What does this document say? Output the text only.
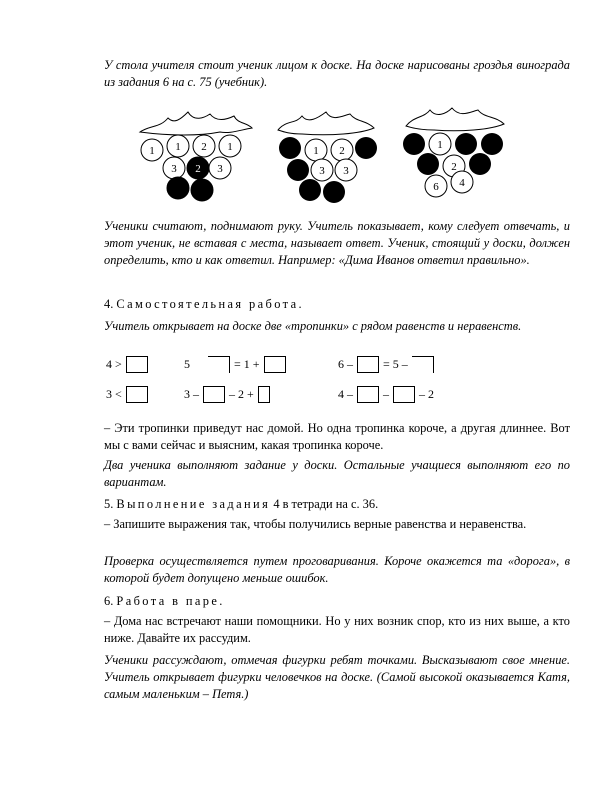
У стола учителя стоит ученик лицом к доске. На доске нарисованы гроздья винограда из задания 6 на с. 75 (учебник).

1 1 2 1
3	3
2
1 2
3 3
1
2
6 4

Ученики считают, поднимают руку. Учитель показывает, кому следует отвечать, и этот ученик, не вставая с места, называет ответ. Ученик, стоящий у доски, должен определить, кто и как ответил. Например: «Дима Иванов ответил правильно».

4. Самостоятельная работа.

Учитель открывает на доске две «тропинки» с рядом равенств и неравенств.

4 >	5	= 1 +	6 –	= 5 –
3 <	3 –	– 2 +	4 –	–	– 2

– Эти тропинки приведут нас домой. Но одна тропинка короче, а другая длиннее. Вот мы с вами сейчас и выясним, какая тропинка короче.

Два ученика выполняют задание у доски. Остальные учащиеся выполняют его по вариантам.

5. Выполнение задания 4 в тетради на с. 36.

– Запишите выражения так, чтобы получились верные равенства и неравенства.

Проверка осуществляется путем проговаривания. Короче окажется та «дорога», в которой будет допущено меньше ошибок.

6. Работа в паре.

– Дома нас встречают наши помощники. Но у них возник спор, кто из них выше, а кто ниже. Давайте их рассудим.

Ученики рассуждают, отмечая фигурки ребят точками. Высказывают свое мнение. Учитель открывает фигурки человечков на доске. (Самой высокой оказывается Катя, самым маленьким – Петя.)
